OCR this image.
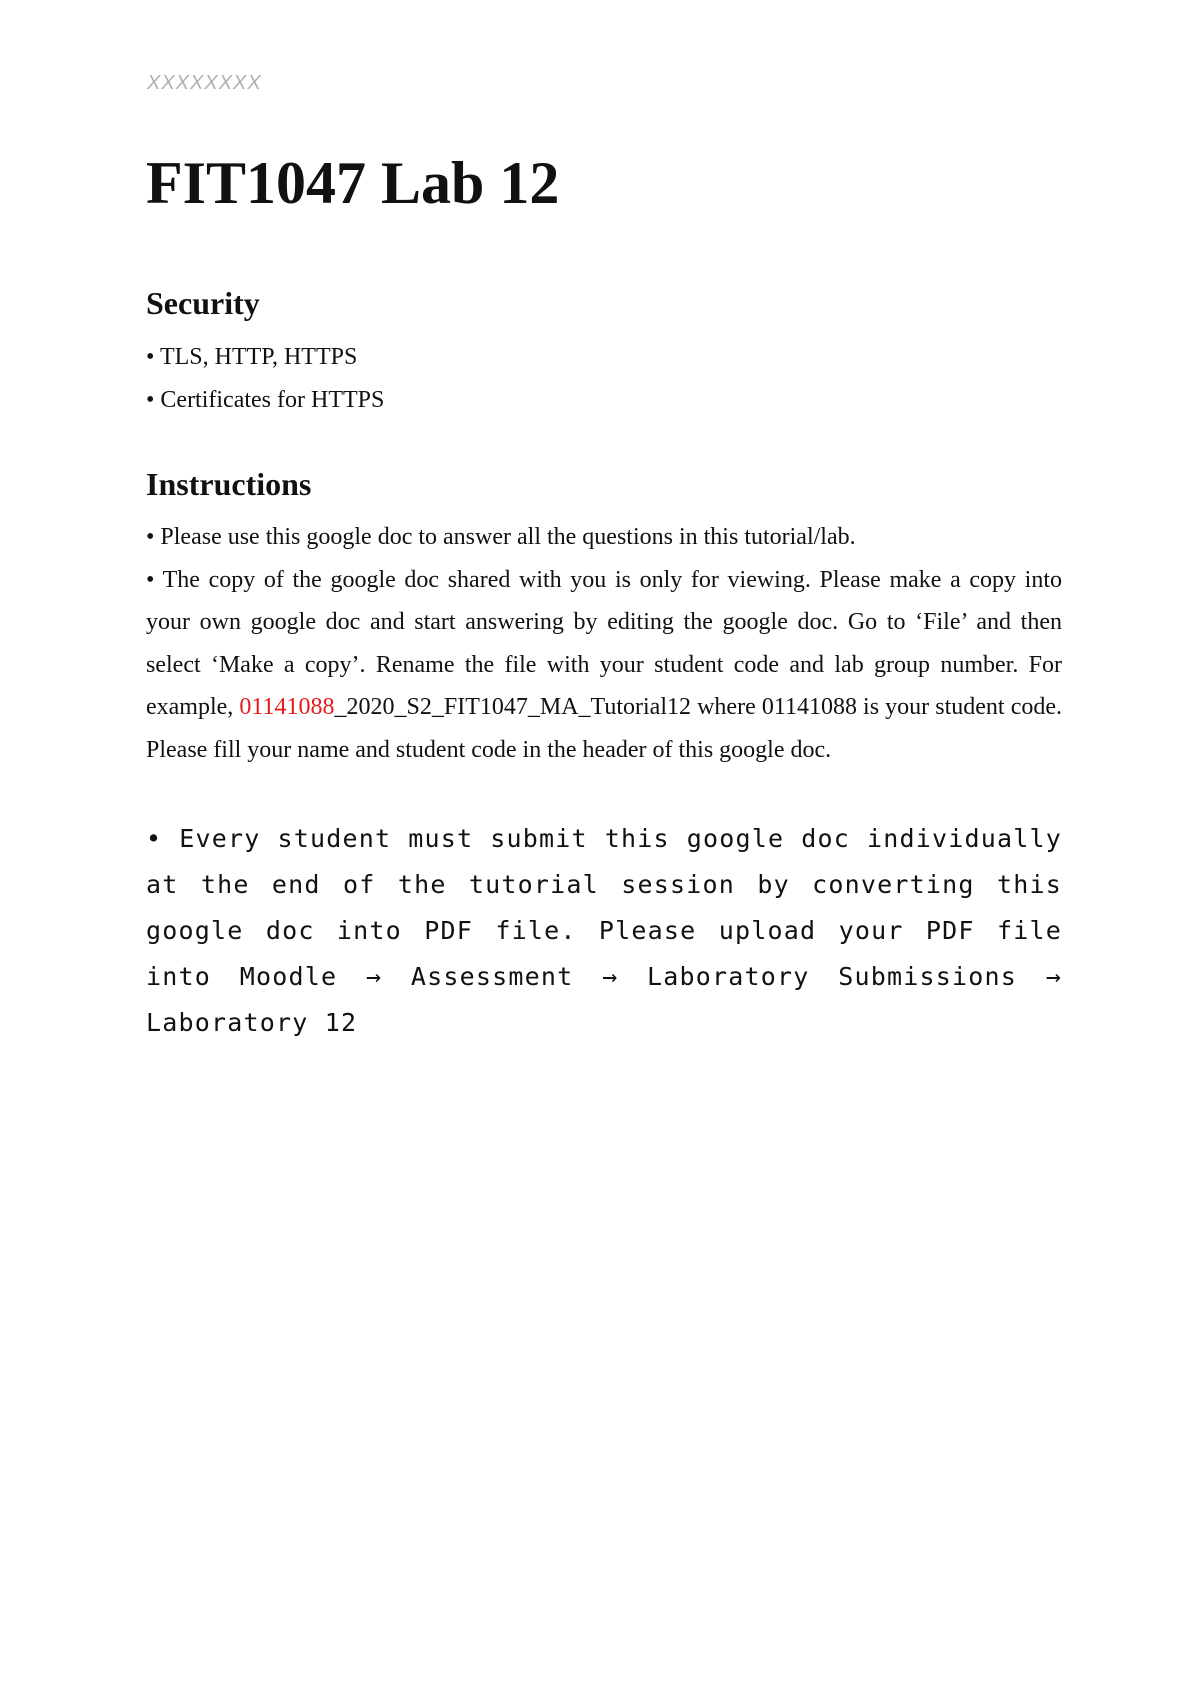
XXXXXXXX
FIT1047 Lab 12
Security
• TLS, HTTP, HTTPS
• Certificates for HTTPS
Instructions

• Please use this google doc to answer all the questions in this tutorial/lab.

• The copy of the google doc shared with you is only for viewing. Please make a copy into your own google doc and start answering by editing the google doc. Go to ‘File’ and then select ‘Make a copy’. Rename the file with your student code and lab group number. For example, 01141088_2020_S2_FIT1047_MA_Tutorial12 where 01141088 is your student code. Please fill your name and student code in the header of this google doc.

• Every student must submit this google doc individually at the end of the tutorial session by converting this google doc into PDF file. Please upload your PDF file into Moodle → Assessment → Laboratory Submissions → Laboratory 12
